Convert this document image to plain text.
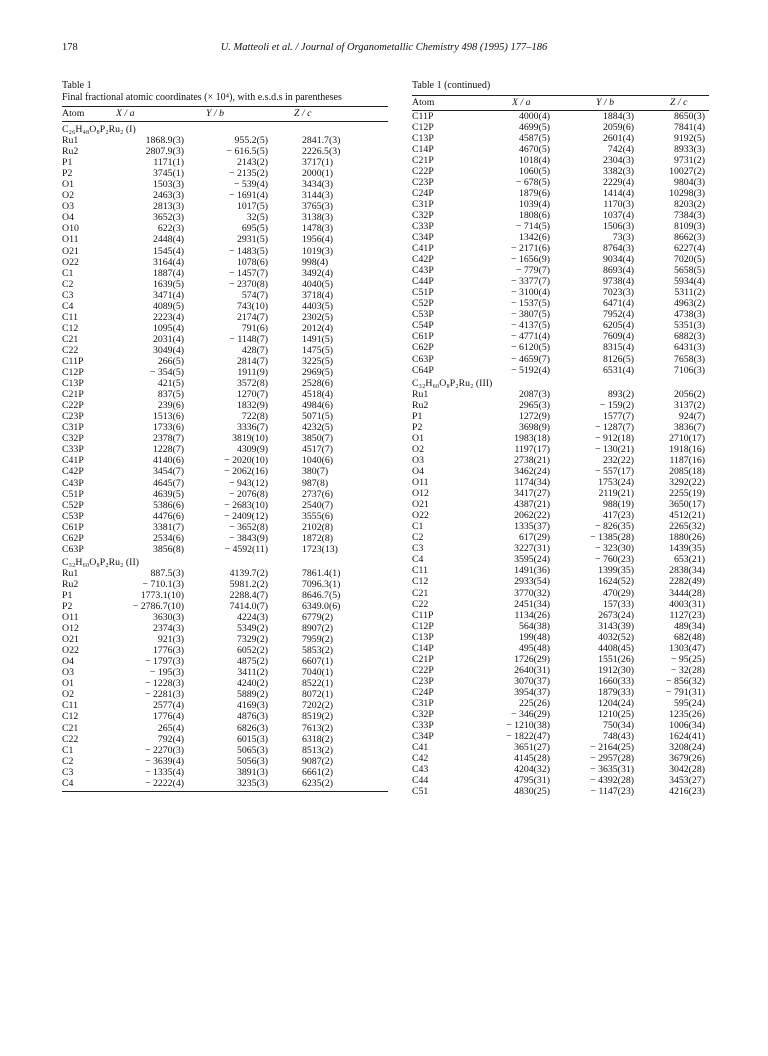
178	U. Matteoli et al. / Journal of Organometallic Chemistry 498 (1995) 177–186
Table 1
Final fractional atomic coordinates (× 10⁴), with e.s.d.s in parentheses
Atom	X / a	Y / b	Z / c
C₂₆H₄₈O₈P₂Ru₂ (I)			
Ru1	1868.9(3)	955.2(5)	2841.7(3)
Ru2	2807.9(3)	− 616.5(5)	2226.5(3)
P1	1171(1)	2143(2)	3717(1)
P2	3745(1)	− 2135(2)	2000(1)
O1	1503(3)	− 539(4)	3434(3)
O2	2463(3)	− 1691(4)	3144(3)
O3	2813(3)	1017(5)	3765(3)
O4	3652(3)	32(5)	3138(3)
O10	622(3)	695(5)	1478(3)
O11	2448(4)	2931(5)	1956(4)
O21	1545(4)	− 1483(5)	1019(3)
O22	3164(4)	1078(6)	998(4)
C1	1887(4)	− 1457(7)	3492(4)
C2	1639(5)	− 2370(8)	4040(5)
C3	3471(4)	574(7)	3718(4)
C4	4089(5)	743(10)	4403(5)
C11	2223(4)	2174(7)	2302(5)
C12	1095(4)	791(6)	2012(4)
C21	2031(4)	− 1148(7)	1491(5)
C22	3049(4)	428(7)	1475(5)
C11P	266(5)	2814(7)	3225(5)
C12P	− 354(5)	1911(9)	2969(5)
C13P	421(5)	3572(8)	2528(6)
C21P	837(5)	1270(7)	4518(4)
C22P	239(6)	1832(9)	4984(6)
C23P	1513(6)	722(8)	5071(5)
C31P	1733(6)	3336(7)	4232(5)
C32P	2378(7)	3819(10)	3850(7)
C33P	1228(7)	4309(9)	4517(7)
C41P	4140(6)	− 2020(10)	1040(6)
C42P	3454(7)	− 2062(16)	380(7)
C43P	4645(7)	− 943(12)	987(8)
C51P	4639(5)	− 2076(8)	2737(6)
C52P	5386(6)	− 2683(10)	2540(7)
C53P	4476(6)	− 2409(12)	3555(6)
C61P	3381(7)	− 3652(8)	2102(8)
C62P	2534(6)	− 3843(9)	1872(8)
C63P	3856(8)	− 4592(11)	1723(13)
C₃₂H₆₀O₈P₂Ru₂ (II)			
Ru1	887.5(3)	4139.7(2)	7861.4(1)
Ru2	− 710.1(3)	5981.2(2)	7096.3(1)
P1	1773.1(10)	2288.4(7)	8646.7(5)
P2	− 2786.7(10)	7414.0(7)	6349.0(6)
O11	3630(3)	4224(3)	6779(2)
O12	2374(3)	5349(2)	8907(2)
O21	921(3)	7329(2)	7959(2)
O22	1776(3)	6052(2)	5853(2)
O4	− 1797(3)	4875(2)	6607(1)
O3	− 195(3)	3411(2)	7040(1)
O1	− 1228(3)	4240(2)	8522(1)
O2	− 2281(3)	5889(2)	8072(1)
C11	2577(4)	4169(3)	7202(2)
C12	1776(4)	4876(3)	8519(2)
C21	265(4)	6826(3)	7613(2)
C22	792(4)	6015(3)	6318(2)
C1	− 2270(3)	5065(3)	8513(2)
C2	− 3639(4)	5056(3)	9087(2)
C3	− 1335(4)	3891(3)	6661(2)
C4	− 2222(4)	3235(3)	6235(2)
Table 1 (continued)
Atom	X / a	Y / b	Z / c
C11P	4000(4)	1884(3)	8650(3)
C12P	4699(5)	2059(6)	7841(4)
C13P	4587(5)	2601(4)	9192(5)
C14P	4670(5)	742(4)	8933(3)
C21P	1018(4)	2304(3)	9731(2)
C22P	1060(5)	3382(3)	10027(2)
C23P	− 678(5)	2229(4)	9804(3)
C24P	1879(6)	1414(4)	10298(3)
C31P	1039(4)	1170(3)	8203(2)
C32P	1808(6)	1037(4)	7384(3)
C33P	− 714(5)	1506(3)	8109(3)
C34P	1342(6)	73(3)	8662(3)
C41P	− 2171(6)	8764(3)	6227(4)
C42P	− 1656(9)	9034(4)	7020(5)
C43P	− 779(7)	8693(4)	5658(5)
C44P	− 3377(7)	9738(4)	5934(4)
C51P	− 3100(4)	7023(3)	5311(2)
C52P	− 1537(5)	6471(4)	4963(2)
C53P	− 3807(5)	7952(4)	4738(3)
C54P	− 4137(5)	6205(4)	5351(3)
C61P	− 4771(4)	7609(4)	6882(3)
C62P	− 6120(5)	8315(4)	6431(3)
C63P	− 4659(7)	8126(5)	7658(3)
C64P	− 5192(4)	6531(4)	7106(3)
C₃₂H₆₀O₈P₂Ru₂ (III)			
Ru1	2087(3)	893(2)	2056(2)
Ru2	2965(3)	− 159(2)	3137(2)
P1	1272(9)	1577(7)	924(7)
P2	3698(9)	− 1287(7)	3836(7)
O1	1983(18)	− 912(18)	2710(17)
O2	1197(17)	− 130(21)	1918(16)
O3	2738(21)	232(22)	1187(16)
O4	3462(24)	− 557(17)	2085(18)
O11	1174(34)	1753(24)	3292(22)
O12	3417(27)	2119(21)	2255(19)
O21	4387(21)	988(19)	3650(17)
O22	2062(22)	417(23)	4512(21)
C1	1335(37)	− 826(35)	2265(32)
C2	617(29)	− 1385(28)	1880(26)
C3	3227(31)	− 323(30)	1439(35)
C4	3595(24)	− 760(23)	653(21)
C11	1491(36)	1399(35)	2838(34)
C12	2933(54)	1624(52)	2282(49)
C21	3770(32)	470(29)	3444(28)
C22	2451(34)	157(33)	4003(31)
C11P	1134(26)	2673(24)	1127(23)
C12P	564(38)	3143(39)	489(34)
C13P	199(48)	4032(52)	682(48)
C14P	495(48)	4408(45)	1303(47)
C21P	1726(29)	1551(26)	− 95(25)
C22P	2640(31)	1912(30)	− 32(28)
C23P	3070(37)	1660(33)	− 856(32)
C24P	3954(37)	1879(33)	− 791(31)
C31P	225(26)	1204(24)	595(24)
C32P	− 346(29)	1210(25)	1235(26)
C33P	− 1210(38)	750(34)	1006(34)
C34P	− 1822(47)	748(43)	1624(41)
C41	3651(27)	− 2164(25)	3208(24)
C42	4145(28)	− 2957(28)	3679(26)
C43	4204(32)	− 3635(31)	3042(28)
C44	4795(31)	− 4392(28)	3453(27)
C51	4830(25)	− 1147(23)	4216(23)
